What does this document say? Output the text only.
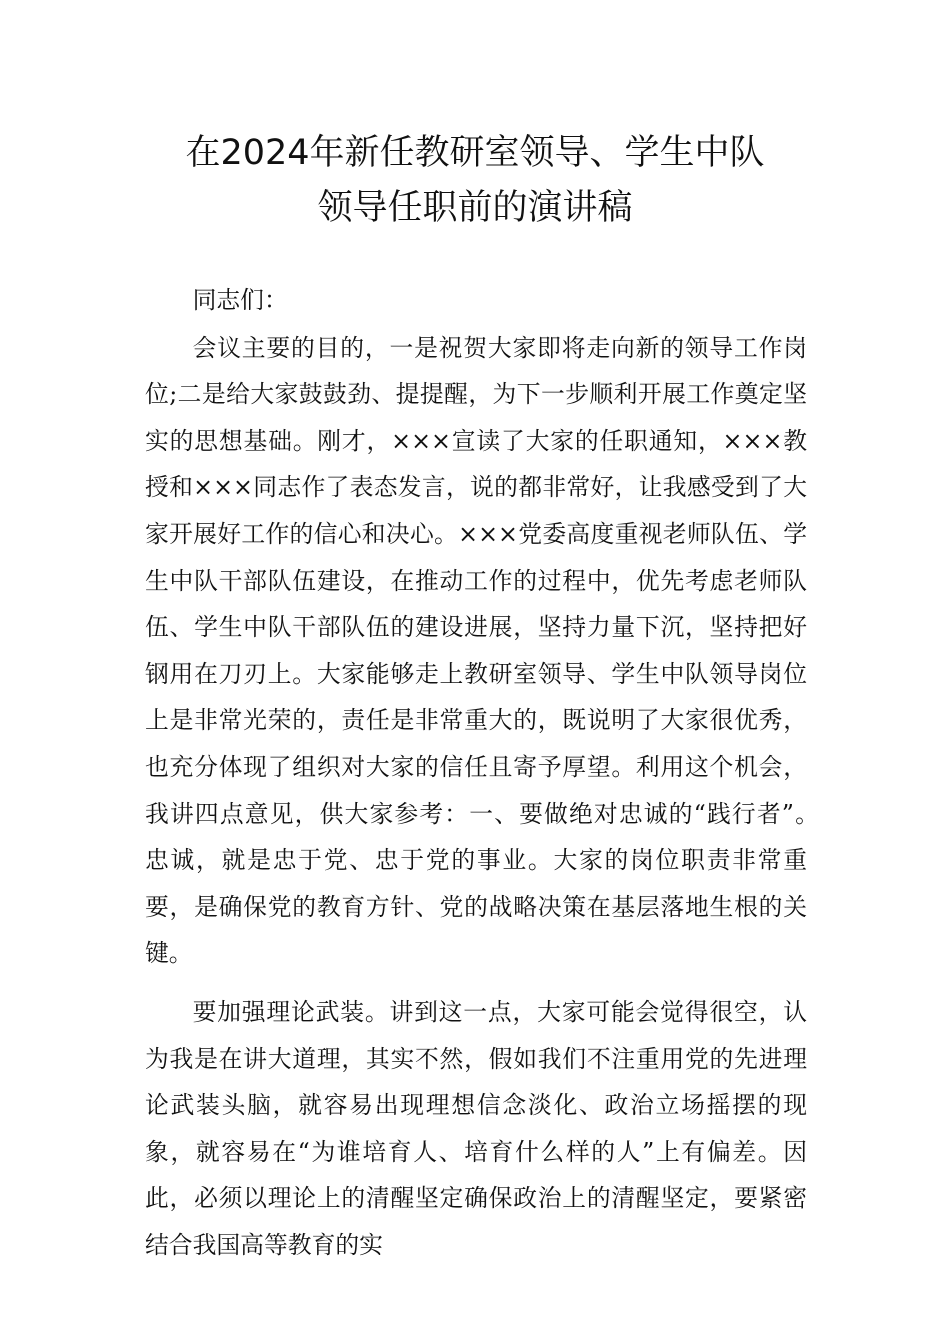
在2024年新任教研室领导、学生中队
领导任职前的演讲稿

同志们：

会议主要的目的，一是祝贺大家即将走向新的领导工作岗位;二是给大家鼓鼓劲、提提醒，为下一步顺利开展工作奠定坚实的思想基础。刚才，×××宣读了大家的任职通知，×××教授和×××同志作了表态发言，说的都非常好，让我感受到了大家开展好工作的信心和决心。×××党委高度重视老师队伍、学生中队干部队伍建设，在推动工作的过程中，优先考虑老师队伍、学生中队干部队伍的建设进展，坚持力量下沉，坚持把好钢用在刀刃上。大家能够走上教研室领导、学生中队领导岗位上是非常光荣的，责任是非常重大的，既说明了大家很优秀，也充分体现了组织对大家的信任且寄予厚望。利用这个机会，我讲四点意见，供大家参考：一、要做绝对忠诚的“践行者”。　　忠诚，就是忠于党、忠于党的事业。大家的岗位职责非常重要，是确保党的教育方针、党的战略决策在基层落地生根的关键。

要加强理论武装。讲到这一点，大家可能会觉得很空，认为我是在讲大道理，其实不然，假如我们不注重用党的先进理论武装头脑，就容易出现理想信念淡化、政治立场摇摆的现象，就容易在“为谁培育人、培育什么样的人”上有偏差。因此，必须以理论上的清醒坚定确保政治上的清醒坚定，要紧密结合我国高等教育的实
